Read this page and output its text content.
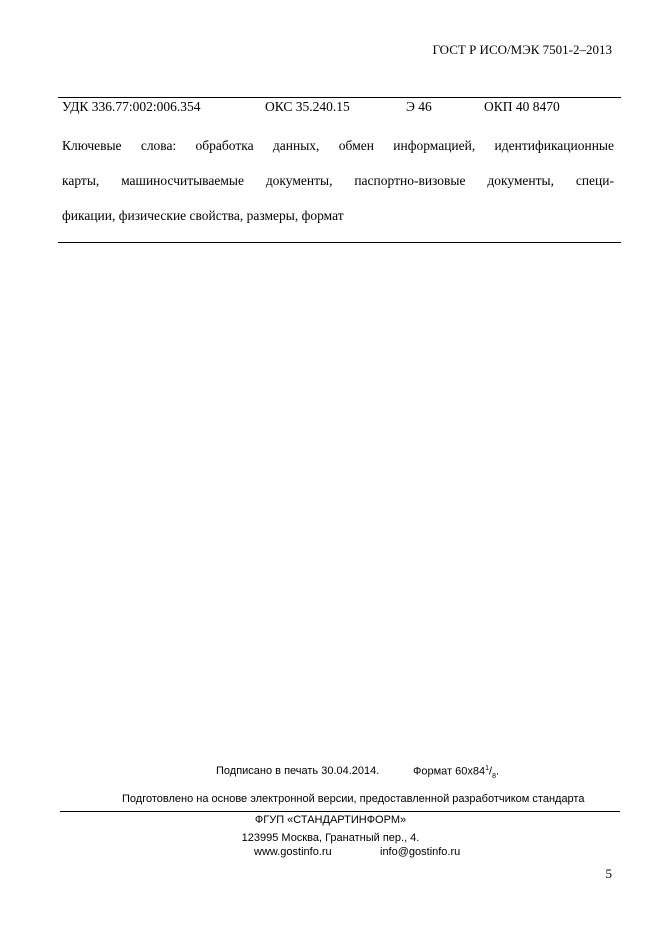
ГОСТ Р ИСО/МЭК 7501-2–2013
УДК 336.77:002:006.354	ОКС 35.240.15	Э 46	ОКП 40 8470
Ключевые слова: обработка данных, обмен информацией, идентификационные
карты, машиносчитываемые документы, паспортно-визовые документы, специ-
фикации, физические свойства, размеры, формат
Подписано в печать 30.04.2014.	Формат $60х84^1/_8$.
Подготовлено на основе электронной версии, предоставленной разработчиком стандарта
ФГУП «СТАНДАРТИНФОРМ»
123995 Москва, Гранатный пер., 4.
www.gostinfo.ru	info@gostinfo.ru
5
